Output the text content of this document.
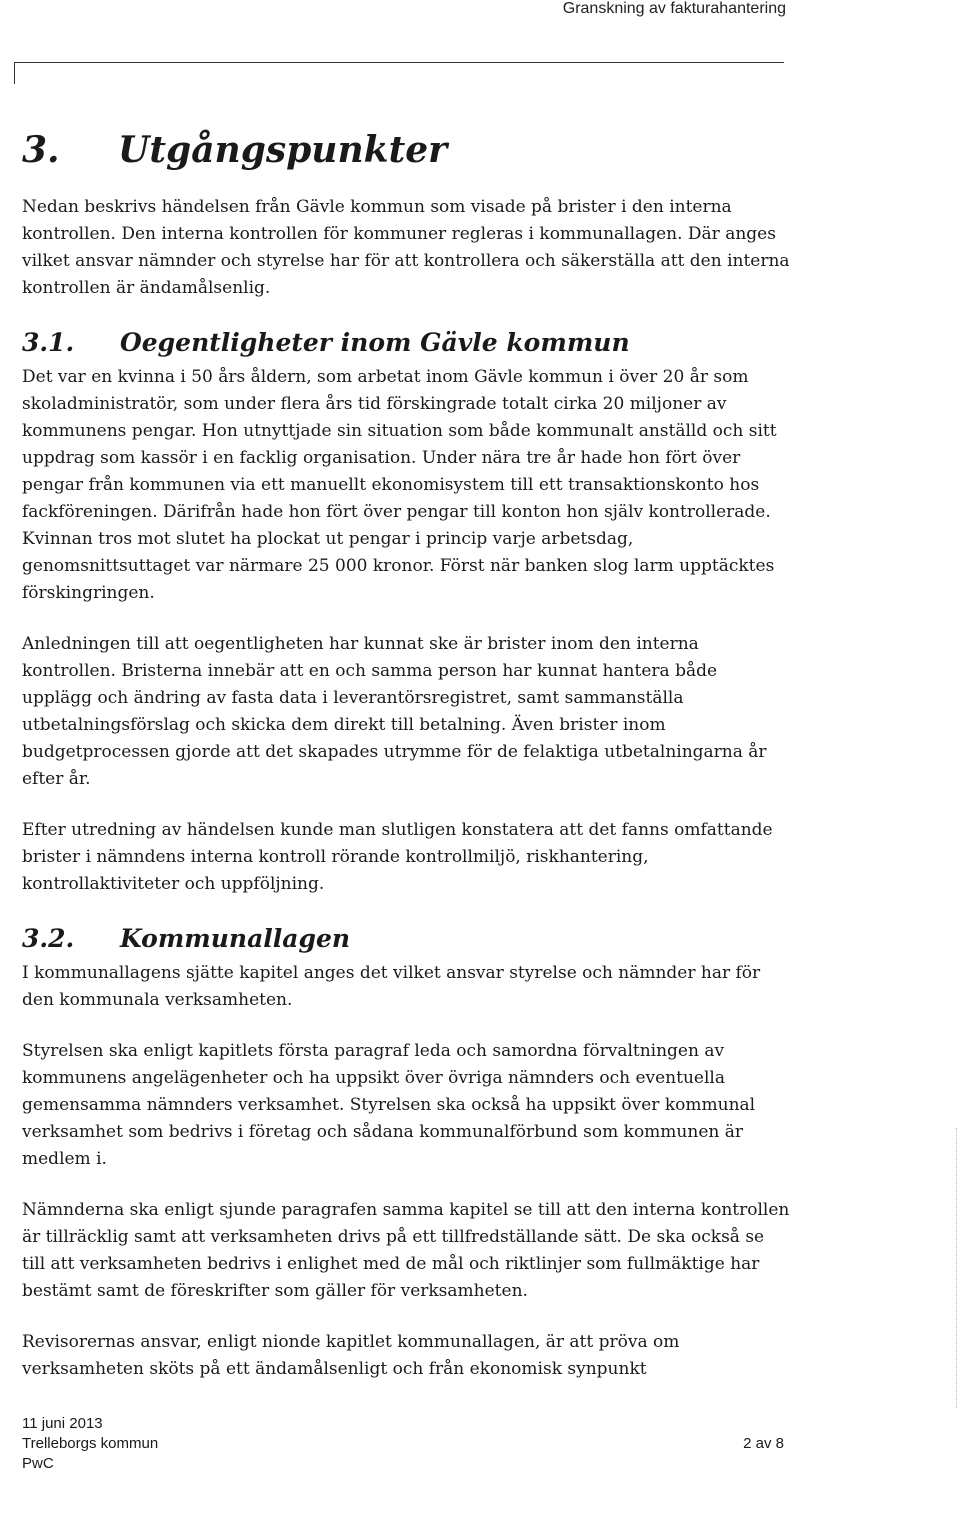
Granskning av fakturahantering
3. Utgångspunkter

Nedan beskrivs händelsen från Gävle kommun som visade på brister i den interna kontrollen. Den interna kontrollen för kommuner regleras i kommunallagen. Där anges vilket ansvar nämnder och styrelse har för att kontrollera och säkerställa att den interna kontrollen är ändamålsenlig.

3.1. Oegentligheter inom Gävle kommun

Det var en kvinna i 50 års åldern, som arbetat inom Gävle kommun i över 20 år som skoladministratör, som under flera års tid förskingrade totalt cirka 20 miljoner av kommunens pengar. Hon utnyttjade sin situation som både kommunalt anställd och sitt uppdrag som kassör i en facklig organisation. Under nära tre år hade hon fört över pengar från kommunen via ett manuellt ekonomisystem till ett transaktionskonto hos fackföreningen. Därifrån hade hon fört över pengar till konton hon själv kontrollerade. Kvinnan tros mot slutet ha plockat ut pengar i princip varje arbetsdag, genomsnittsuttaget var närmare 25 000 kronor. Först när banken slog larm upptäcktes förskingringen.

Anledningen till att oegentligheten har kunnat ske är brister inom den interna kontrollen. Bristerna innebär att en och samma person har kunnat hantera både upplägg och ändring av fasta data i leverantörsregistret, samt sammanställa utbetalningsförslag och skicka dem direkt till betalning. Även brister inom budgetprocessen gjorde att det skapades utrymme för de felaktiga utbetalningarna år efter år.

Efter utredning av händelsen kunde man slutligen konstatera att det fanns omfattande brister i nämndens interna kontroll rörande kontrollmiljö, riskhantering, kontrollaktiviteter och uppföljning.

3.2. Kommunallagen

I kommunallagens sjätte kapitel anges det vilket ansvar styrelse och nämnder har för den kommunala verksamheten.

Styrelsen ska enligt kapitlets första paragraf leda och samordna förvaltningen av kommunens angelägenheter och ha uppsikt över övriga nämnders och eventuella gemensamma nämnders verksamhet. Styrelsen ska också ha uppsikt över kommunal verksamhet som bedrivs i företag och sådana kommunalförbund som kommunen är medlem i.

Nämnderna ska enligt sjunde paragrafen samma kapitel se till att den interna kontrollen är tillräcklig samt att verksamheten drivs på ett tillfredställande sätt. De ska också se till att verksamheten bedrivs i enlighet med de mål och riktlinjer som fullmäktige har bestämt samt de föreskrifter som gäller för verksamheten.

Revisorernas ansvar, enligt nionde kapitlet kommunallagen, är att pröva om verksamheten sköts på ett ändamålsenligt och från ekonomisk synpunkt

11 juni 2013
Trelleborgs kommun
PwC
2 av 8
